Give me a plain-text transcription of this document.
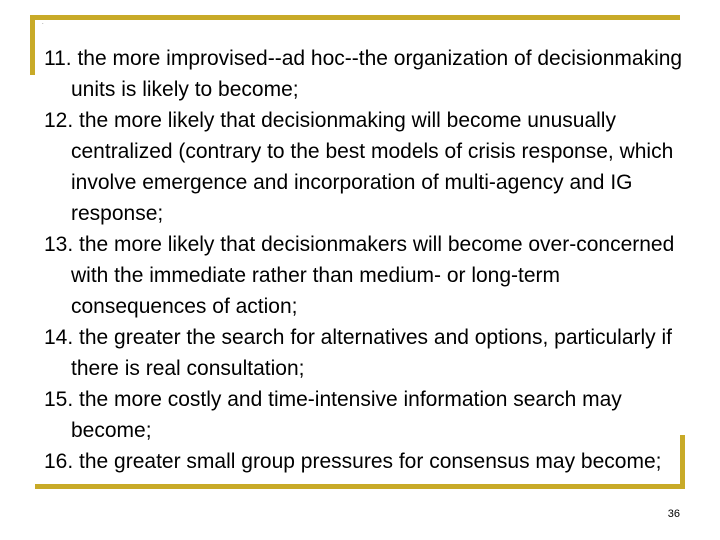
.

11. the more improvised--ad hoc--the organization of decisionmaking units is likely to become;

12. the more likely that decisionmaking will become unusually centralized (contrary to the best models of crisis response, which involve emergence and incorporation of multi-agency and IG response;

13. the more likely that decisionmakers will become over-concerned with the immediate rather than medium- or long-term consequences of action;

14. the greater the search for alternatives and options, particularly if there is real consultation;

15. the more costly and time-intensive information search may become;

16. the greater small group pressures for consensus may become;

36
